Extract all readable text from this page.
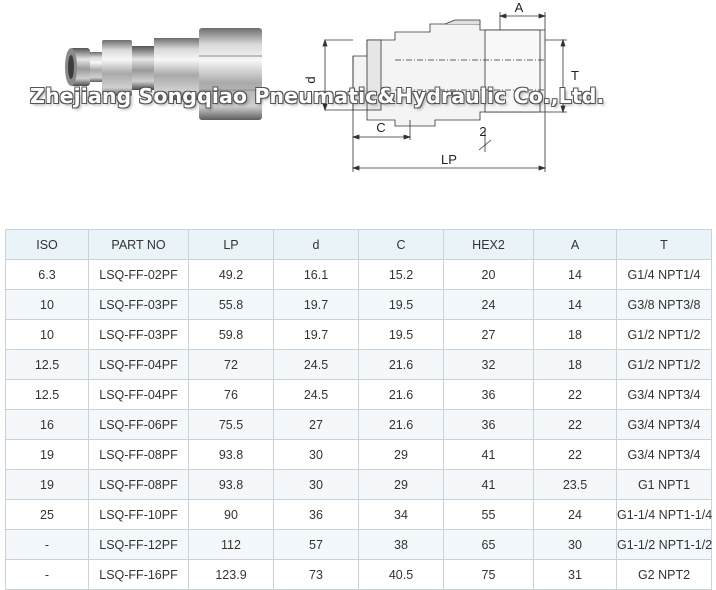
A
d	T
C
LP
2
Zhejiang Songqiao Pneumatic&Hydraulic Co.,Ltd.
ISO	PART NO	LP	d	C	HEX2	A	T
6.3	LSQ-FF-02PF	49.2	16.1	15.2	20	14	G1/4 NPT1/4
10	LSQ-FF-03PF	55.8	19.7	19.5	24	14	G3/8 NPT3/8
10	LSQ-FF-03PF	59.8	19.7	19.5	27	18	G1/2 NPT1/2
12.5	LSQ-FF-04PF	72	24.5	21.6	32	18	G1/2 NPT1/2
12.5	LSQ-FF-04PF	76	24.5	21.6	36	22	G3/4 NPT3/4
16	LSQ-FF-06PF	75.5	27	21.6	36	22	G3/4 NPT3/4
19	LSQ-FF-08PF	93.8	30	29	41	22	G3/4 NPT3/4
19	LSQ-FF-08PF	93.8	30	29	41	23.5	G1 NPT1
25	LSQ-FF-10PF	90	36	34	55	24	G1-1/4 NPT1-1/4
-	LSQ-FF-12PF	112	57	38	65	30	G1-1/2 NPT1-1/2
-	LSQ-FF-16PF	123.9	73	40.5	75	31	G2 NPT2
